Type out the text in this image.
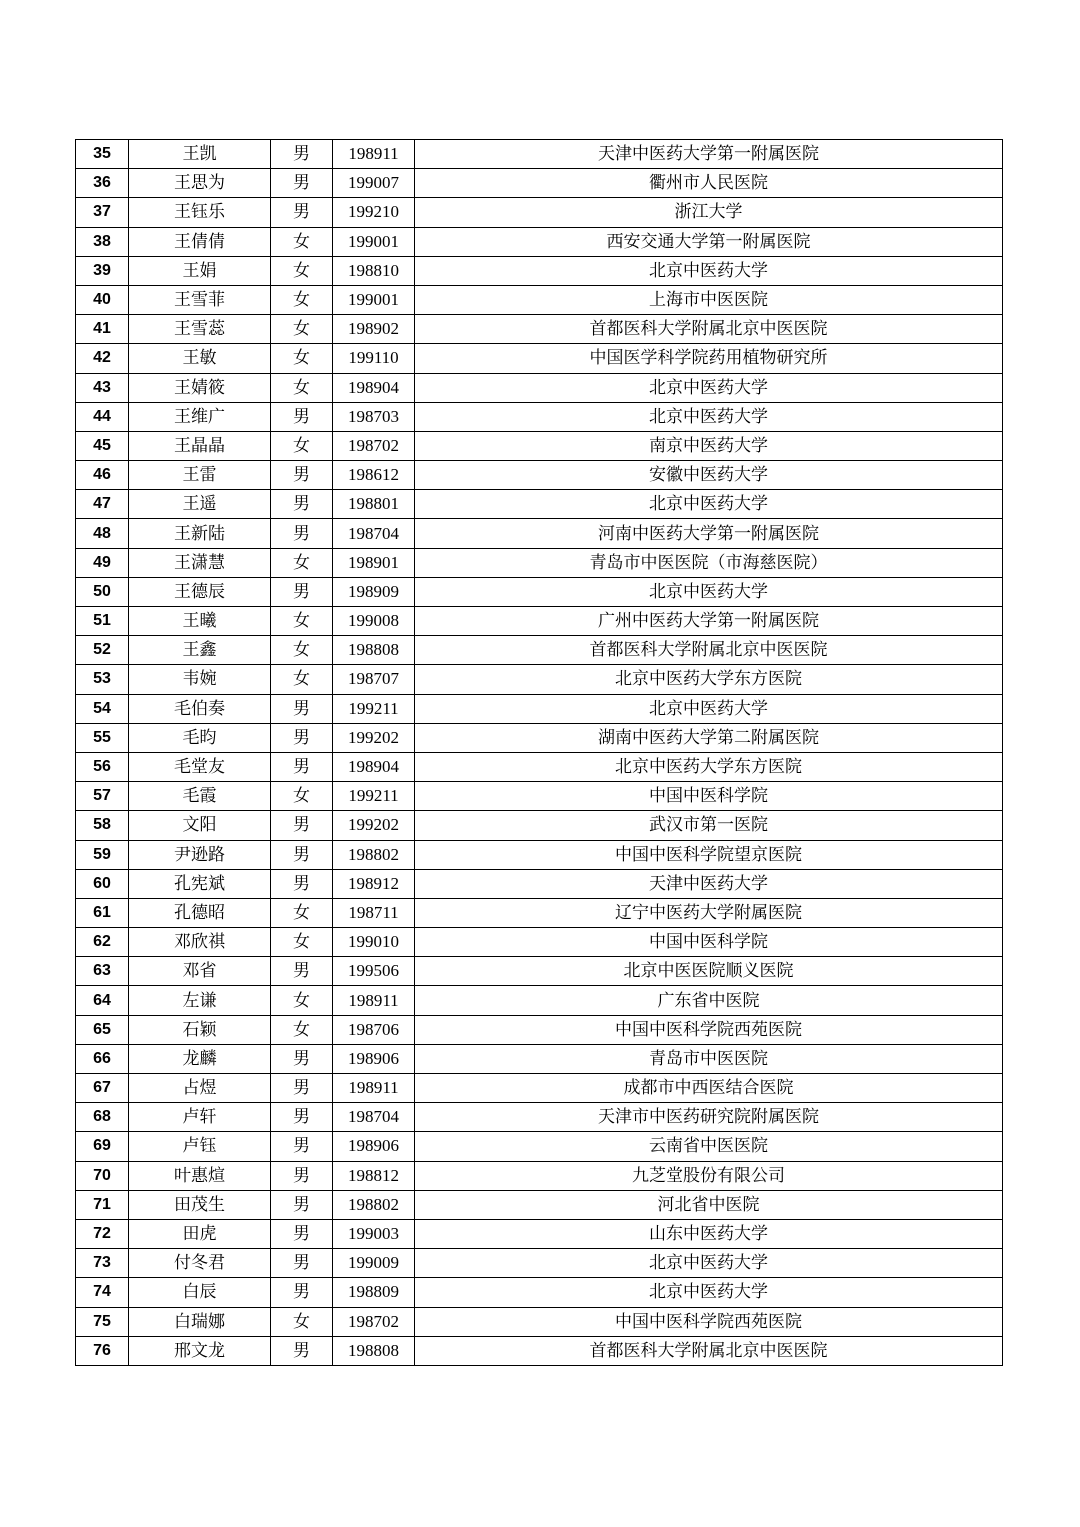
35	王凯	男	198911	天津中医药大学第一附属医院
36	王思为	男	199007	衢州市人民医院
37	王钰乐	男	199210	浙江大学
38	王倩倩	女	199001	西安交通大学第一附属医院
39	王娟	女	198810	北京中医药大学
40	王雪菲	女	199001	上海市中医医院
41	王雪蕊	女	198902	首都医科大学附属北京中医医院
42	王敏	女	199110	中国医学科学院药用植物研究所
43	王婧筱	女	198904	北京中医药大学
44	王维广	男	198703	北京中医药大学
45	王晶晶	女	198702	南京中医药大学
46	王雷	男	198612	安徽中医药大学
47	王遥	男	198801	北京中医药大学
48	王新陆	男	198704	河南中医药大学第一附属医院
49	王潇慧	女	198901	青岛市中医医院（市海慈医院）
50	王德辰	男	198909	北京中医药大学
51	王曦	女	199008	广州中医药大学第一附属医院
52	王鑫	女	198808	首都医科大学附属北京中医医院
53	韦婉	女	198707	北京中医药大学东方医院
54	毛伯奏	男	199211	北京中医药大学
55	毛昀	男	199202	湖南中医药大学第二附属医院
56	毛堂友	男	198904	北京中医药大学东方医院
57	毛霞	女	199211	中国中医科学院
58	文阳	男	199202	武汉市第一医院
59	尹逊路	男	198802	中国中医科学院望京医院
60	孔宪斌	男	198912	天津中医药大学
61	孔德昭	女	198711	辽宁中医药大学附属医院
62	邓欣祺	女	199010	中国中医科学院
63	邓省	男	199506	北京中医医院顺义医院
64	左谦	女	198911	广东省中医院
65	石颖	女	198706	中国中医科学院西苑医院
66	龙麟	男	198906	青岛市中医医院
67	占煜	男	198911	成都市中西医结合医院
68	卢轩	男	198704	天津市中医药研究院附属医院
69	卢钰	男	198906	云南省中医医院
70	叶惠煊	男	198812	九芝堂股份有限公司
71	田茂生	男	198802	河北省中医院
72	田虎	男	199003	山东中医药大学
73	付冬君	男	199009	北京中医药大学
74	白辰	男	198809	北京中医药大学
75	白瑞娜	女	198702	中国中医科学院西苑医院
76	邢文龙	男	198808	首都医科大学附属北京中医医院
